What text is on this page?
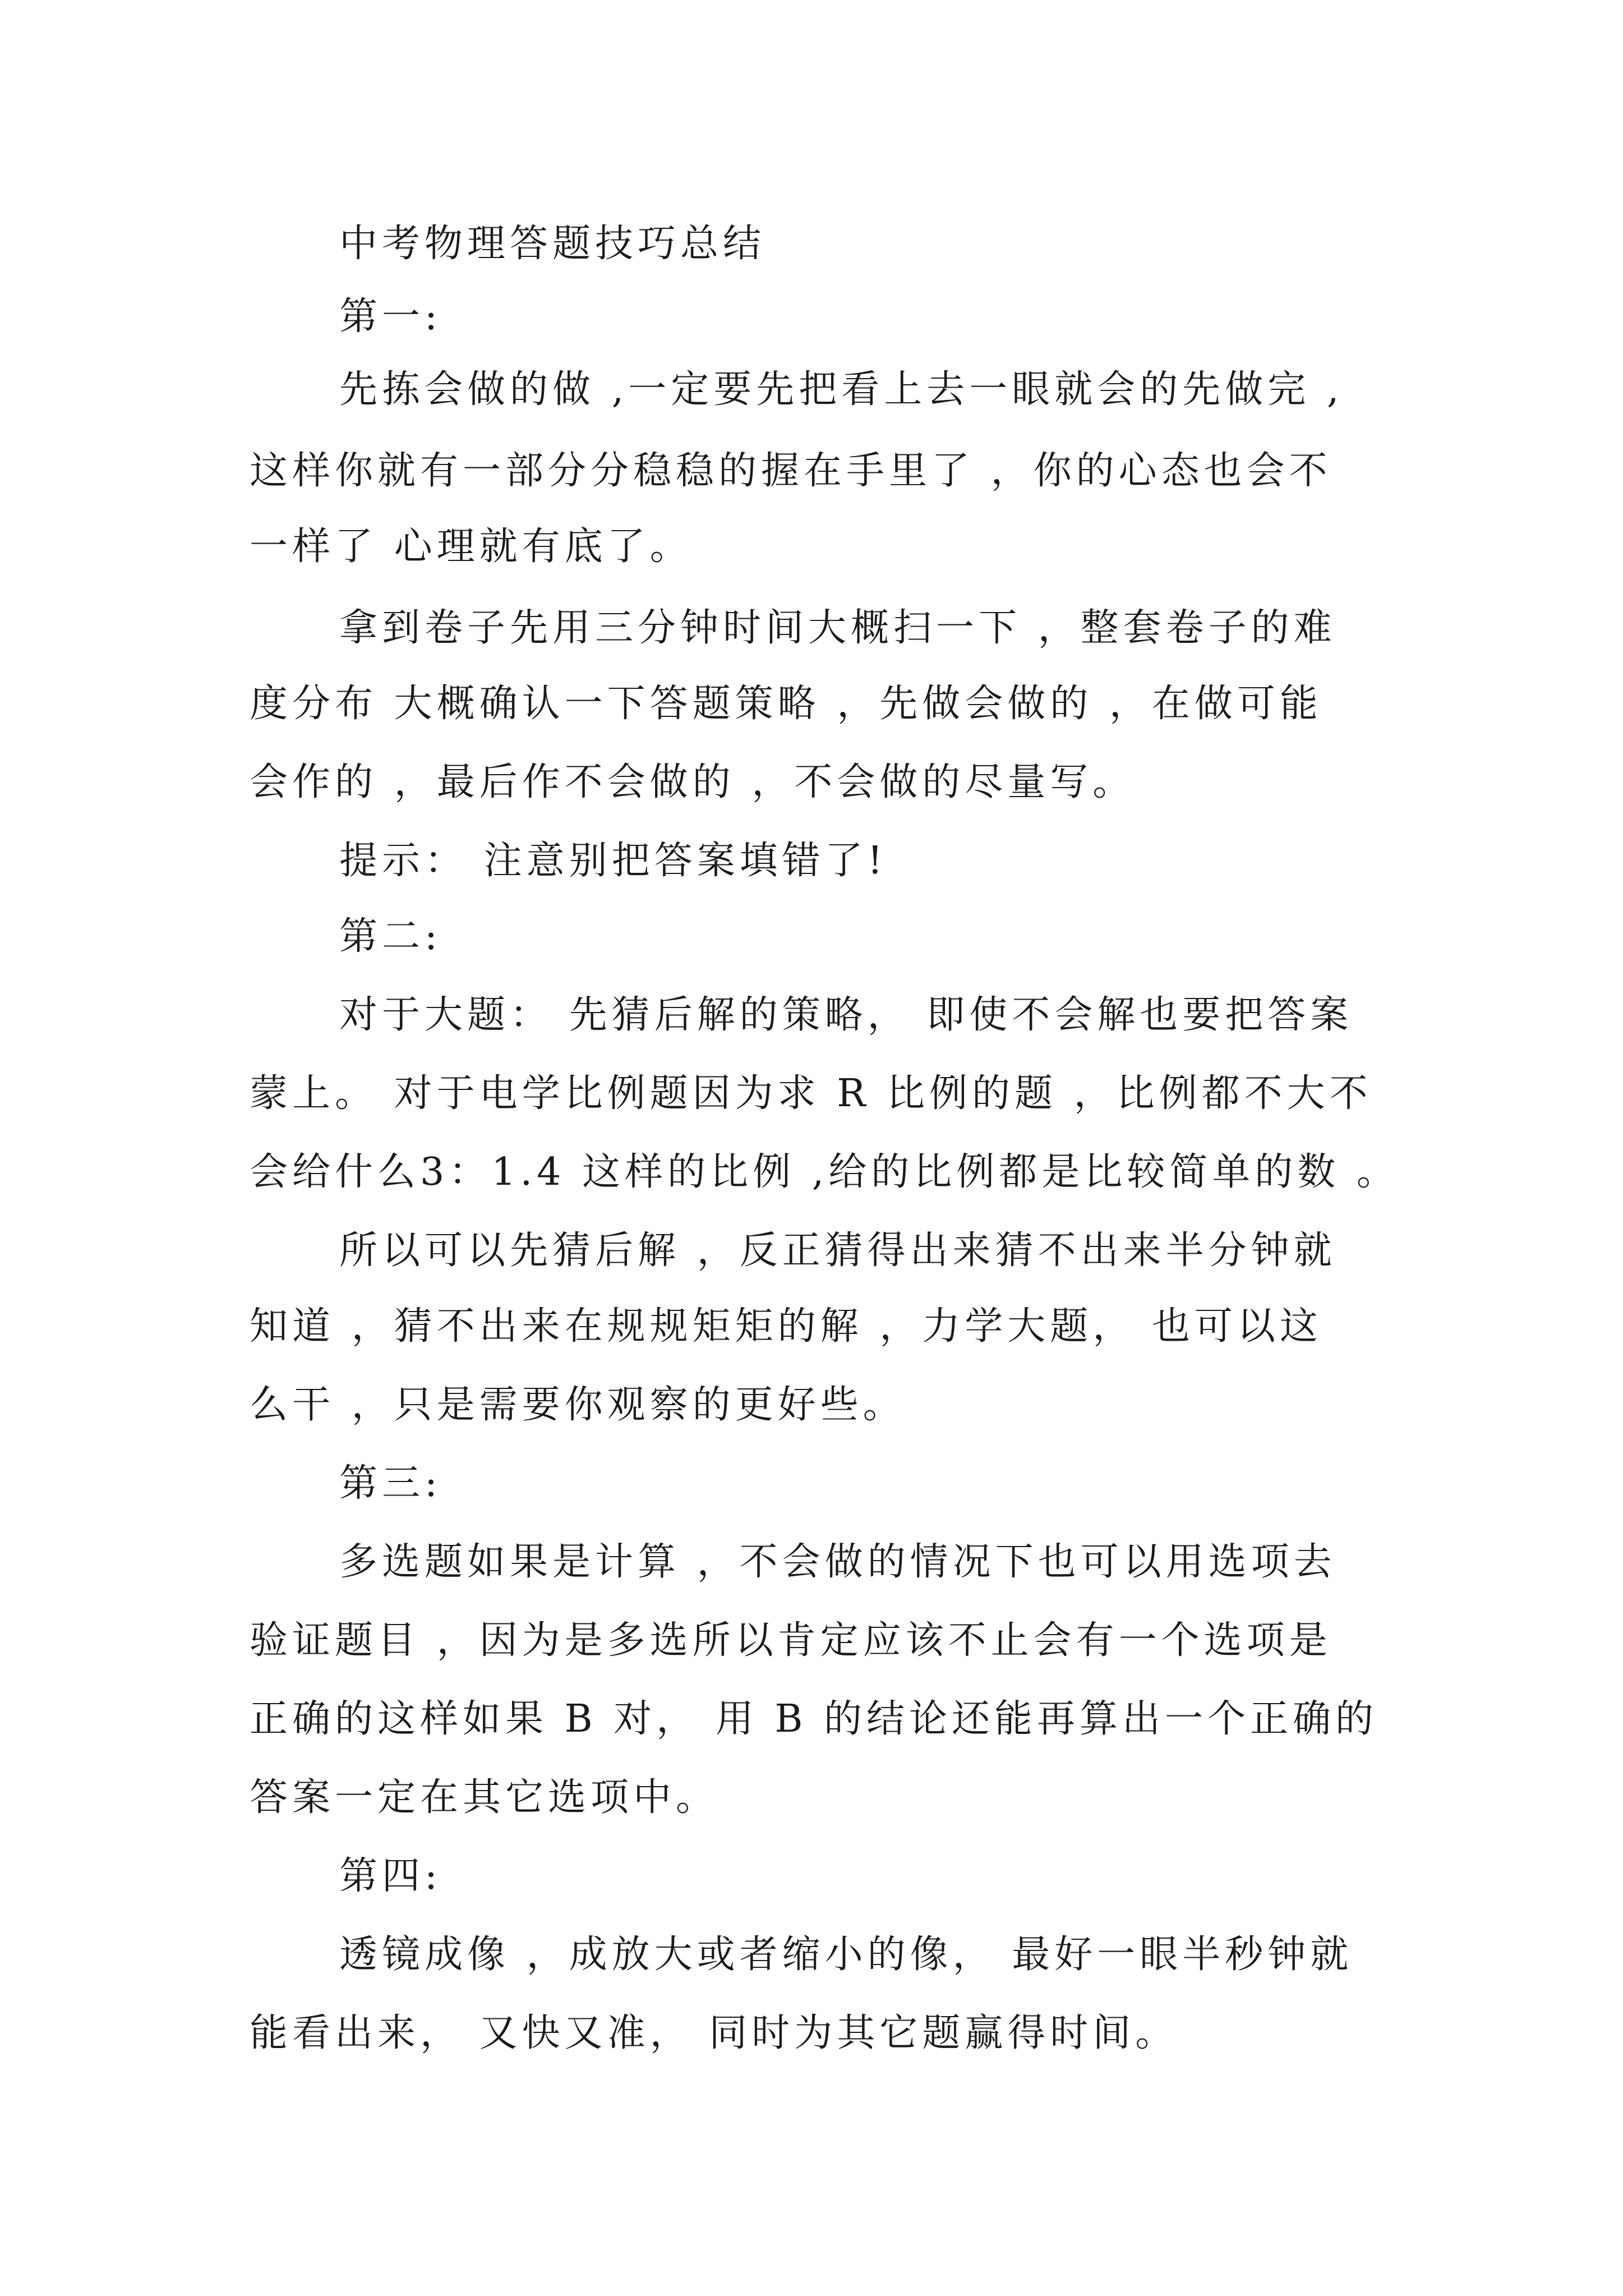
中考物理答题技巧总结
第一:
先拣会做的做 ,一定要先把看上去一眼就会的先做完 ,
这样你就有一部分分稳稳的握在手里了 ，你的心态也会不
一样了 心理就有底了。
拿到卷子先用三分钟时间大概扫一下 ，整套卷子的难
度分布 大概确认一下答题策略 ，先做会做的 ，在做可能
会作的 ，最后作不会做的 ，不会做的尽量写。
提示： 注意别把答案填错了!
第二:
对于大题： 先猜后解的策略， 即使不会解也要把答案
蒙上。 对于电学比例题因为求 R 比例的题 ，比例都不大不
会给什么3：1.4 这样的比例 ,给的比例都是比较简单的数 。
所以可以先猜后解 ，反正猜得出来猜不出来半分钟就
知道 ，猜不出来在规规矩矩的解 ，力学大题， 也可以这
么干 ，只是需要你观察的更好些。
第三:
多选题如果是计算 ，不会做的情况下也可以用选项去
验证题目 ，因为是多选所以肯定应该不止会有一个选项是
正确的这样如果 B 对， 用 B 的结论还能再算出一个正确的
答案一定在其它选项中。
第四:
透镜成像 ，成放大或者缩小的像， 最好一眼半秒钟就
能看出来， 又快又准， 同时为其它题赢得时间。
